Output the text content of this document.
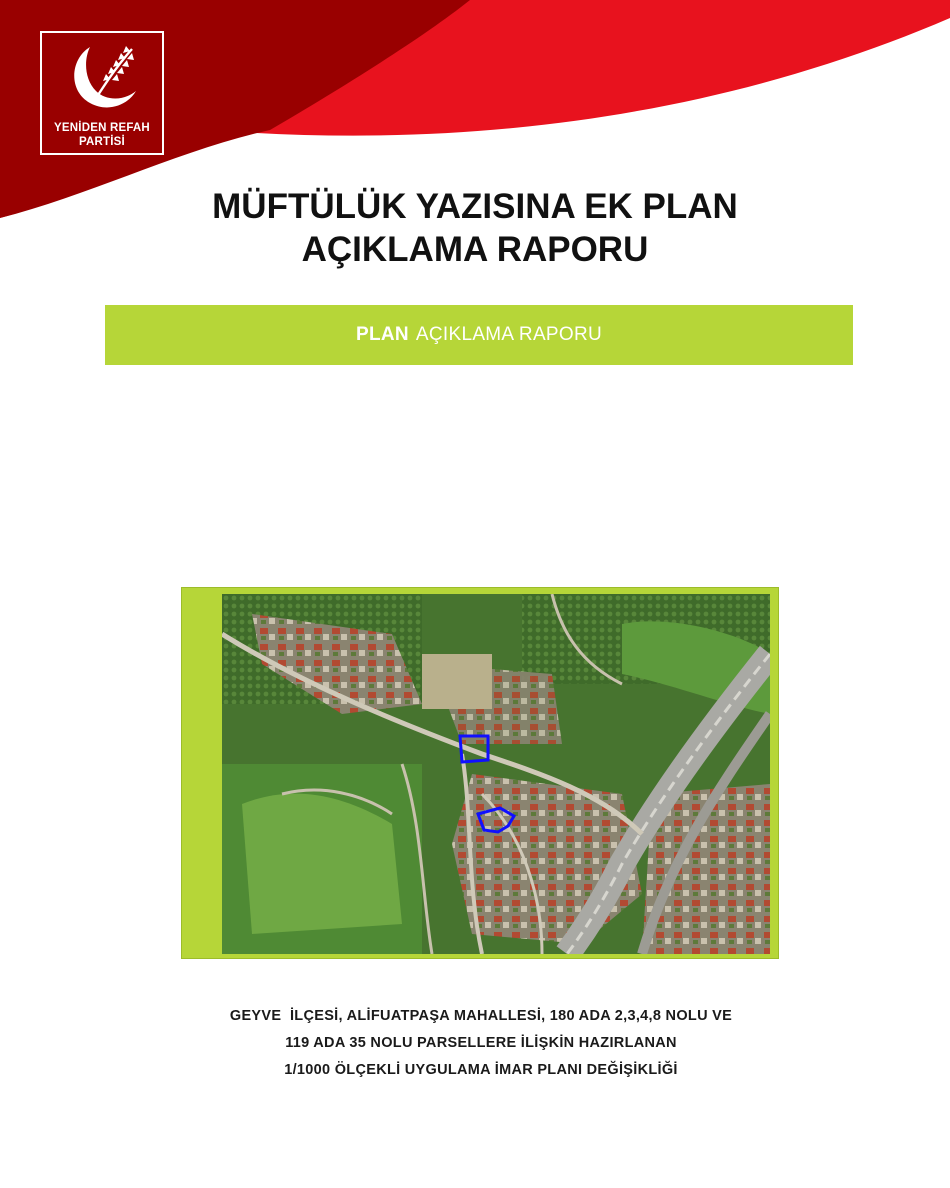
YENİDEN REFAH
PARTİSİ
MÜFTÜLÜK YAZISINA EK PLAN
AÇIKLAMA RAPORU
PLAN AÇIKLAMA RAPORU
GEYVE  İLÇESİ, ALİFUATPAŞA MAHALLESİ, 180 ADA 2,3,4,8 NOLU VE
119 ADA 35 NOLU PARSELLERE İLİŞKİN HAZIRLANAN
1/1000 ÖLÇEKLİ UYGULAMA İMAR PLANI DEĞİŞİKLİĞİ
